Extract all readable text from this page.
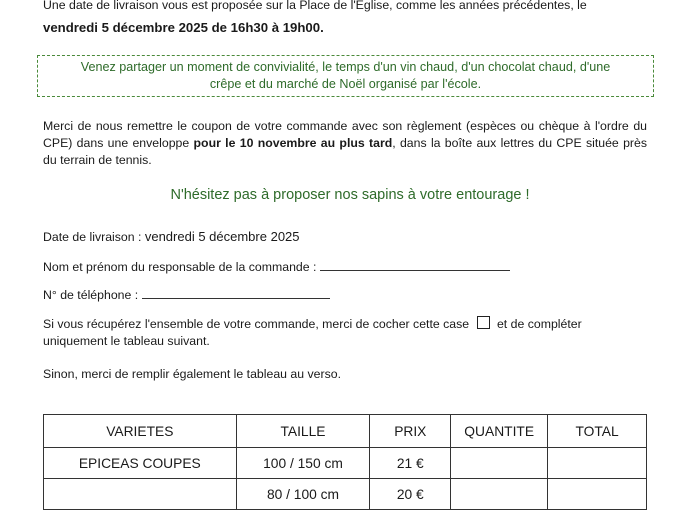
Une date de livraison vous est proposée sur la Place de l'Eglise, comme les années précédentes, le
vendredi 5 décembre 2025 de 16h30 à 19h00.
Venez partager un moment de convivialité, le temps d'un vin chaud, d'un chocolat chaud, d'une
crêpe et du marché de Noël organisé par l'école.
Merci de nous remettre le coupon de votre commande avec son règlement (espèces ou chèque à l'ordre du CPE) dans une enveloppe pour le 10 novembre au plus tard, dans la boîte aux lettres du CPE située près du terrain de tennis.
N'hésitez pas à proposer nos sapins à votre entourage !
Date de livraison : vendredi 5 décembre 2025
Nom et prénom du responsable de la commande :
N° de téléphone :
Si vous récupérez l'ensemble de votre commande, merci de cocher cette case et de compléter
uniquement le tableau suivant.
Sinon, merci de remplir également le tableau au verso.
VARIETES	TAILLE	PRIX	QUANTITE	TOTAL
EPICEAS COUPES	100 / 150 cm	21 €		
	80 / 100 cm	20 €		
